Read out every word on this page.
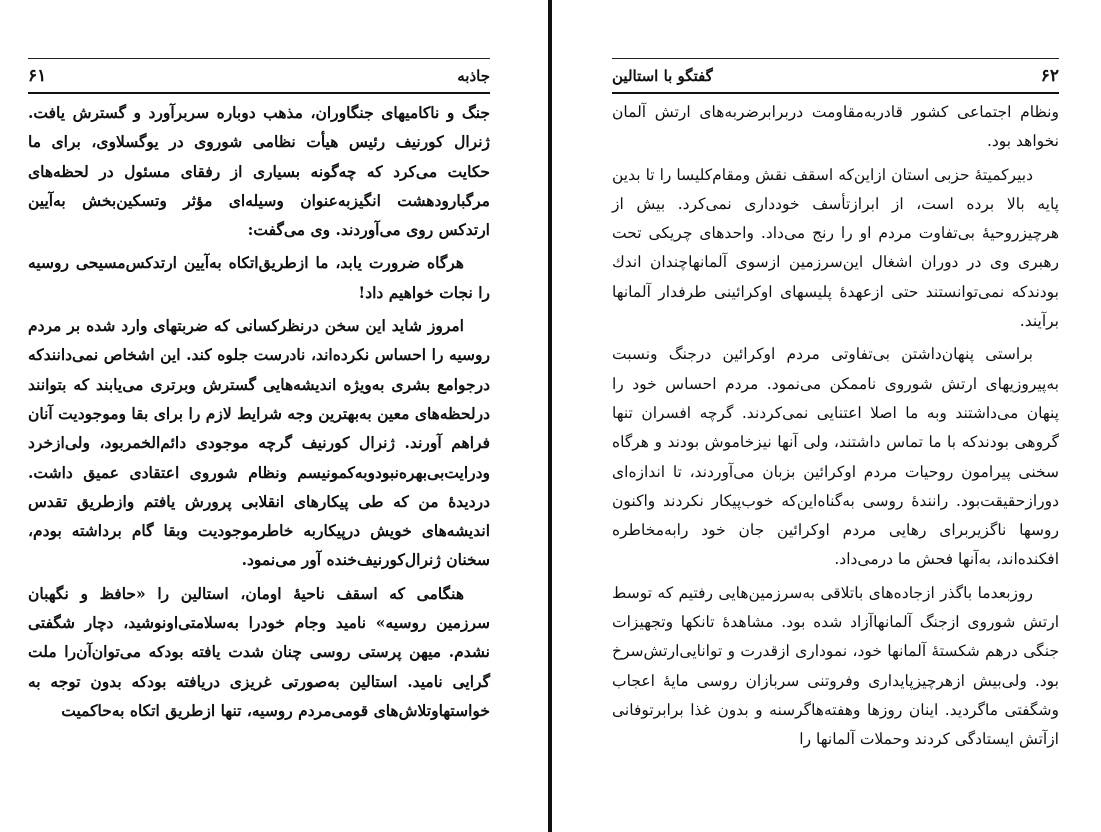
۶۱	جاذبه

جنگ و ناکامیهای جنگاوران، مذهب دوباره سربرآورد و گسترش یافت. ژنرال کورنیف رئیس هیأت نظامی شوروی در یوگسلاوی، برای ما حکایت می‌کرد که چه‌گونه بسیاری از رفقای مسئول در لحظه‌های مرگبارودهشت انگیزبه‌عنوان وسیله‌ای مؤثر وتسکین‌بخش به‌آیین ارتدکس روی می‌آوردند. وی می‌گفت:

هرگاه ضرورت یابد، ما ازطریق‌اتکاه به‌آیین ارتدکس‌مسیحی روسیه را نجات خواهیم داد!

امروز شاید این سخن درنظرکسانی که ضربتهای وارد شده بر مردم روسیه را احساس نکرده‌اند، نادرست جلوه کند. این اشخاص نمی‌دانندکه درجوامع بشری به‌ویژه اندیشه‌هایی گسترش وبرتری می‌یابند که بتوانند درلحظه‌های معین به‌بهترین وجه شرایط لازم را برای بقا وموجودیت آنان فراهم آورند. ژنرال کورنیف گرچه موجودی دائم‌الخمربود، ولی‌ازخرد ودرایت‌بی‌بهره‌نبود‌وبه‌کمونیسم ونظام شوروی اعتقادی عمیق داشت. دردیدهٔ من که طی پیکارهای انقلابی پرورش یافتم وازطریق تقدس اندیشه‌های خویش درپیکاربه خاطرموجودیت وبقا گام برداشته بودم، سخنان ژنرال‌کورنیف‌خنده آور می‌نمود.

هنگامی که اسقف ناحیهٔ اومان، استالین را «حافظ و نگهبان سرزمین روسیه» نامید وجام خودرا به‌سلامتی‌اونوشید، دچار شگفتی نشدم. میهن پرستی روسی چنان شدت یافته بودکه می‌توان‌آن‌را ملت گرایی نامید. استالین به‌صورتی غریزی دریافته بودکه بدون توجه به خواستهاوتلاش‌های قومی‌مردم روسیه، تنها ازطریق اتکاه به‌حاکمیت

گفتگو با استالین	۶۲

ونظام اجتماعی کشور قادربه‌مقاومت دربرابرضربه‌های ارتش آلمان نخواهد بود.

دبیرکمیتهٔ حزبی استان ازاین‌که اسقف نقش ومقام‌کلیسا را تا بدین پایه بالا برده است، از ابرازتأسف خودداری نمی‌کرد. بیش از هرچیزروحیهٔ بی‌تفاوت مردم او را رنج می‌داد. واحدهای چریکی تحت رهبری وی در دوران اشغال این‌سرزمین ازسوی آلمانهاچندان اندك بودندكه نمی‌توانستند حتی ازعهدهٔ پلیسهای اوكرائینی طرفدار آلمانها برآیند.

براستی پنهان‌داشتن بی‌تفاوتی مردم اوكرائین درجنگ ونسبت به‌پیروزیهای ارتش شوروی ناممکن می‌نمود. مردم احساس خود را پنهان می‌داشتند وبه ما اصلا اعتنایی نمی‌کردند. گرچه افسران تنها گروهی بودندکه با ما تماس داشتند، ولی آنها نیزخاموش بودند و هرگاه سخنی پیرامون روحیات مردم اوکرائین بزبان می‌آوردند، تا اندازه‌ای دورازحقیقت‌بود. رانندهٔ روسی به‌گناه‌این‌که خوب‌پیکار نکردند واکنون روسها ناگزیربرای رهایی مردم اوکرائین جان خود رابه‌مخاطره افکنده‌اند، به‌آنها فحش ما درمی‌داد.

روزبعدما باگذر ازجاده‌های باتلاقی به‌سرزمین‌هایی رفتیم که توسط ارتش شوروی ازجنگ آلمانهاآزاد شده بود. مشاهدهٔ تانکها وتجهیزات جنگی درهم شکستهٔ آلمانها خود، نموداری ازقدرت و توانایی‌ارتش‌سرخ بود. ولی‌بیش ازهرچیزپایداری وفروتنی سربازان روسی مایهٔ اعجاب وشگفتی ماگردید. اینان روزها وهفته‌هاگرسنه و بدون غذا برابرتوفانی ازآتش ایستادگی کردند وحملات آلمانها را
